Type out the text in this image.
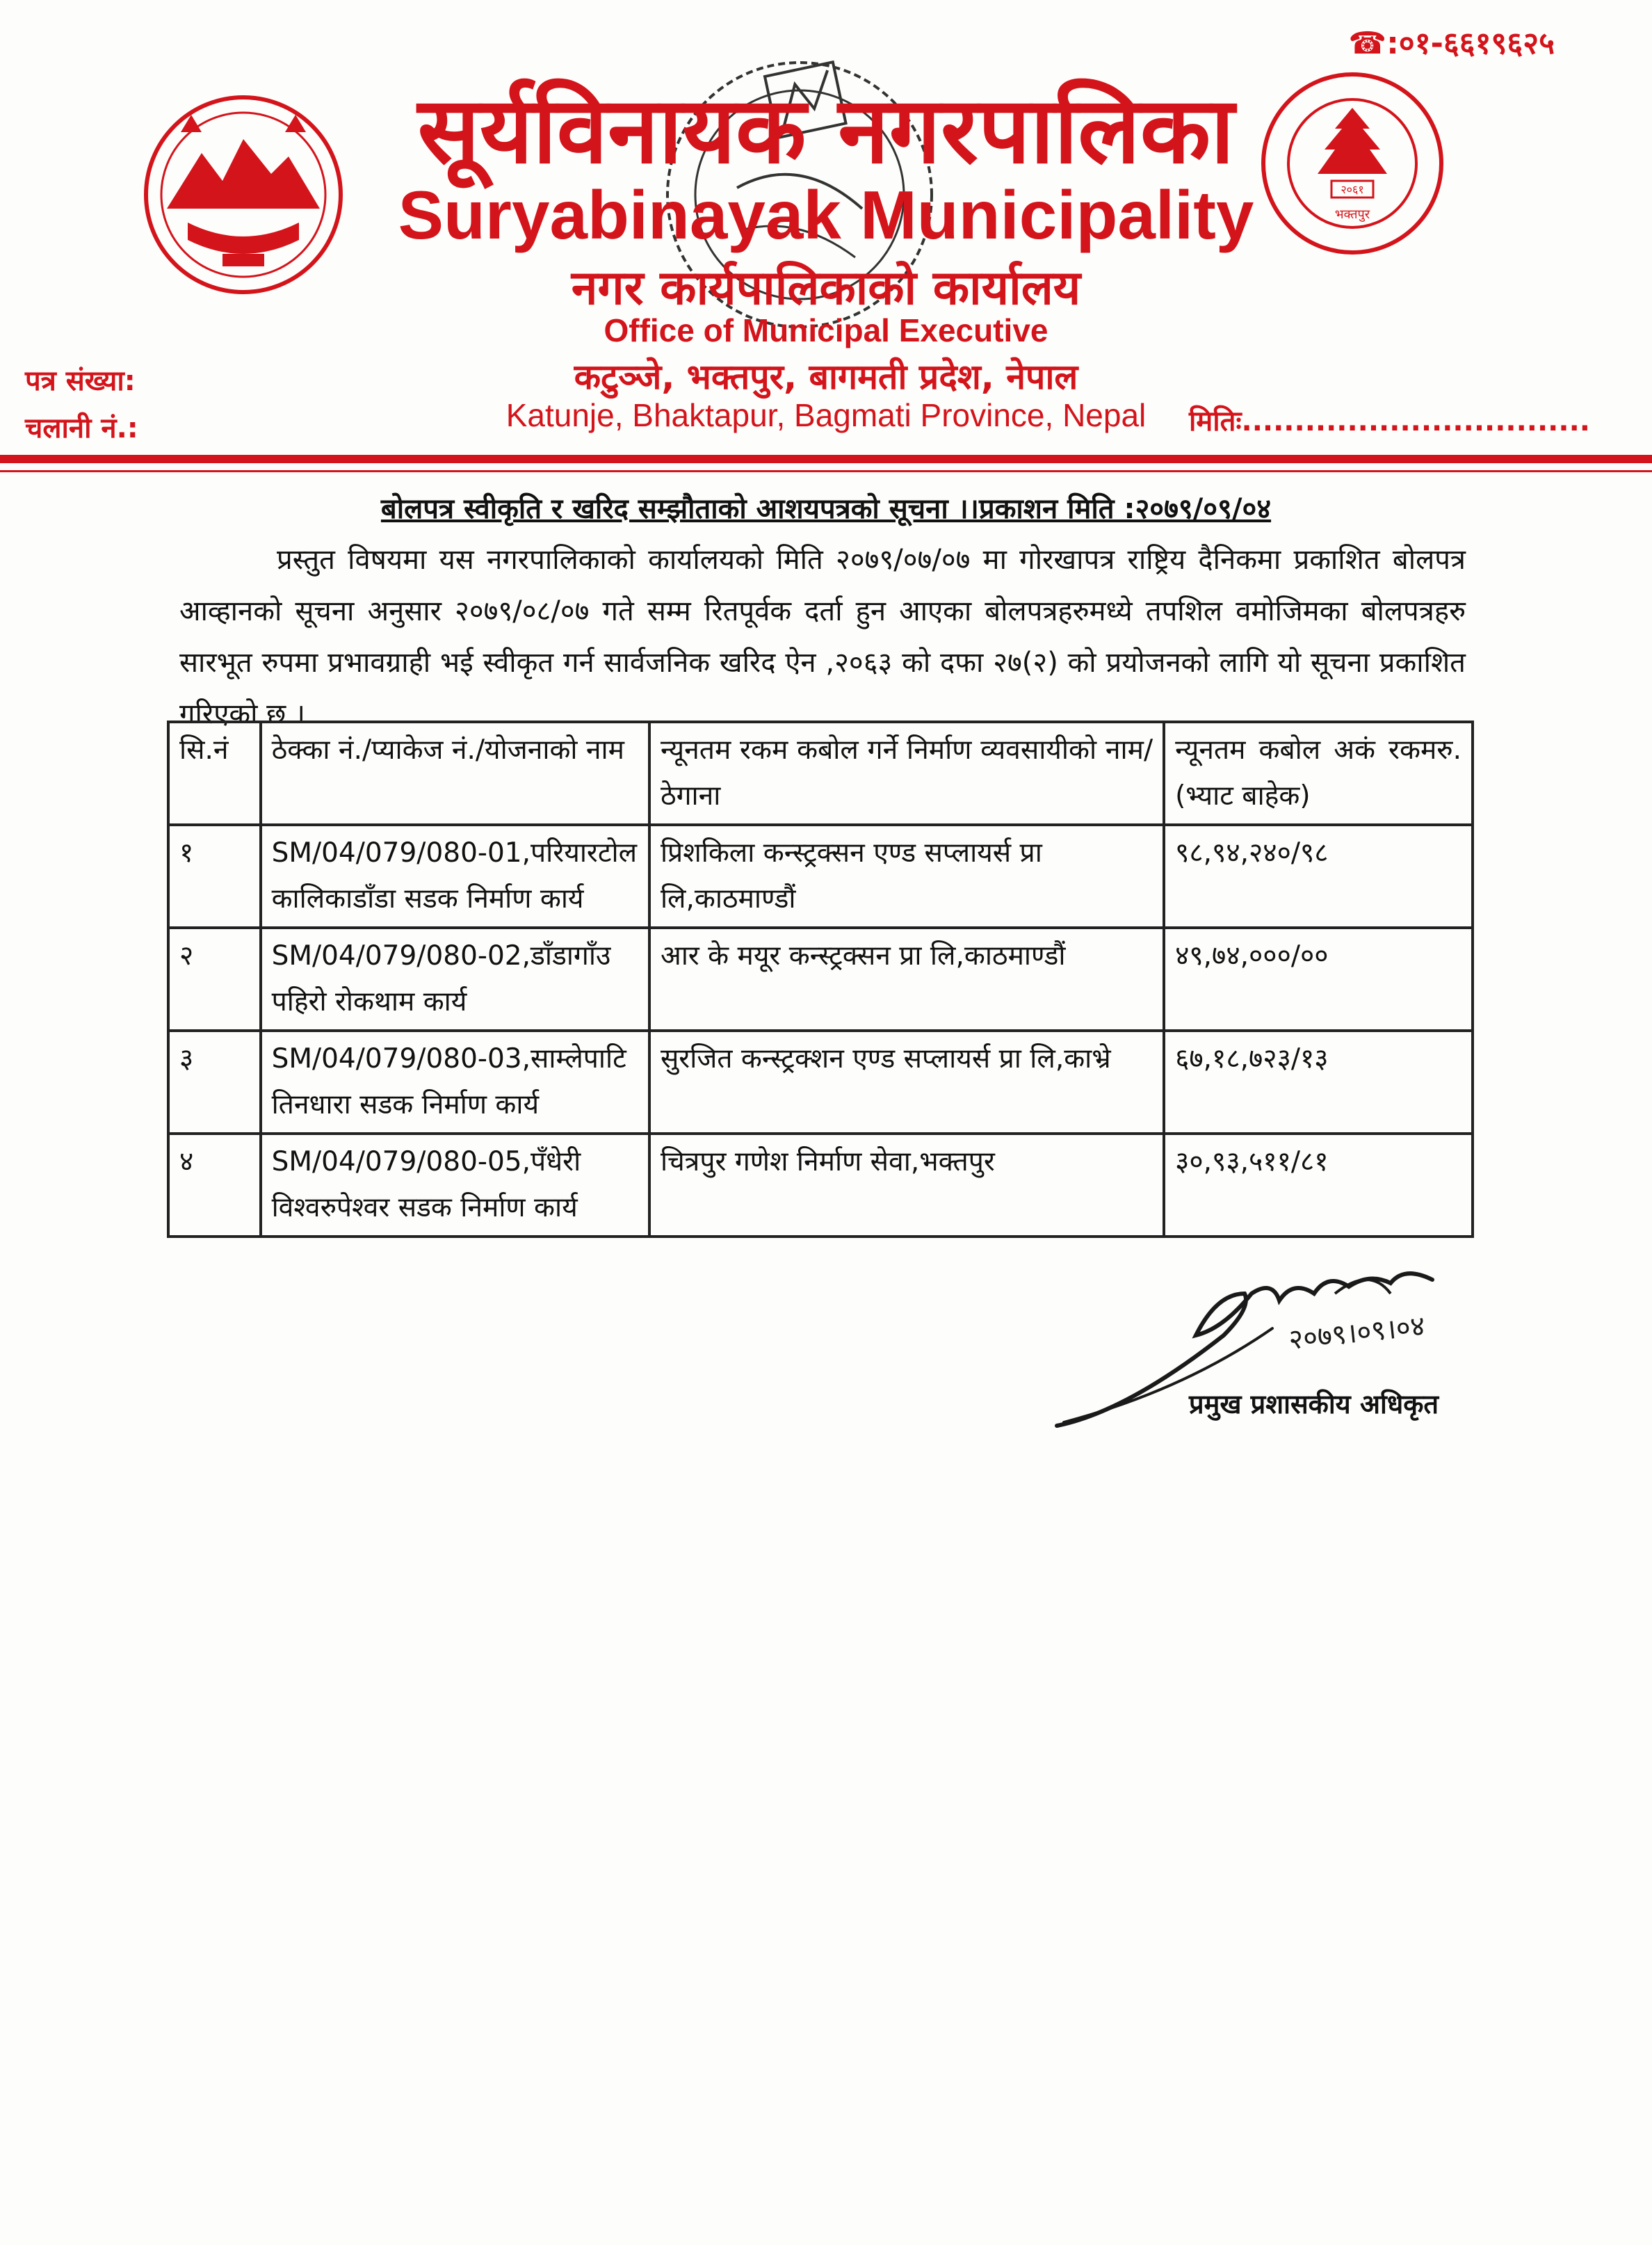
☎:०१-६६१९६२५
२०६१
भक्तपुर
सूर्यविनायक नगरपालिका
Suryabinayak Municipality
नगर कार्यपालिकाको कार्यालय
Office of Municipal Executive
कटुञ्जे, भक्तपुर, बागमती प्रदेश, नेपाल
Katunje, Bhaktapur, Bagmati Province, Nepal
पत्र संख्या:
चलानी नं.:	मितिः.................................
बोलपत्र स्वीकृति र खरिद सम्झौताको आशयपत्रको सूचना ।।प्रकाशन मिति :२०७९/०९/०४
प्रस्तुत विषयमा यस नगरपालिकाको कार्यालयको मिति २०७९/०७/०७ मा गोरखापत्र राष्ट्रिय दैनिकमा प्रकाशित बोलपत्र आव्हानको सूचना अनुसार २०७९/०८/०७ गते सम्म रितपूर्वक दर्ता हुन आएका बोलपत्रहरुमध्ये तपशिल वमोजिमका बोलपत्रहरु सारभूत रुपमा प्रभावग्राही भई स्वीकृत गर्न सार्वजनिक खरिद ऐन ,२०६३ को दफा २७(२) को प्रयोजनको लागि यो सूचना प्रकाशित गरिएको छ ।
सि.नं	ठेक्का नं./प्याकेज नं./योजनाको नाम	न्यूनतम रकम कबोल गर्ने निर्माण व्यवसायीको नाम/ठेगाना	न्यूनतम कबोल अकं रकमरु.(भ्याट बाहेक)
१	SM/04/079/080-01,परियारटोल कालिकाडाँडा सडक निर्माण कार्य	प्रिशकिला कन्स्ट्रक्सन एण्ड सप्लायर्स प्रा लि,काठमाण्डौं	९८,९४,२४०/९८
२	SM/04/079/080-02,डाँडागाँउ पहिरो रोकथाम कार्य	आर के मयूर कन्स्ट्रक्सन प्रा लि,काठमाण्डौं	४९,७४,०००/००
३	SM/04/079/080-03,साम्लेपाटि तिनधारा सडक निर्माण कार्य	सुरजित कन्स्ट्रक्शन एण्ड सप्लायर्स प्रा लि,काभ्रे	६७,१८,७२३/१३
४	SM/04/079/080-05,पँधेरी विश्वरुपेश्वर सडक निर्माण कार्य	चित्रपुर गणेश निर्माण सेवा,भक्तपुर	३०,९३,५११/८१
२०७९।०९।०४
प्रमुख प्रशासकीय अधिकृत
